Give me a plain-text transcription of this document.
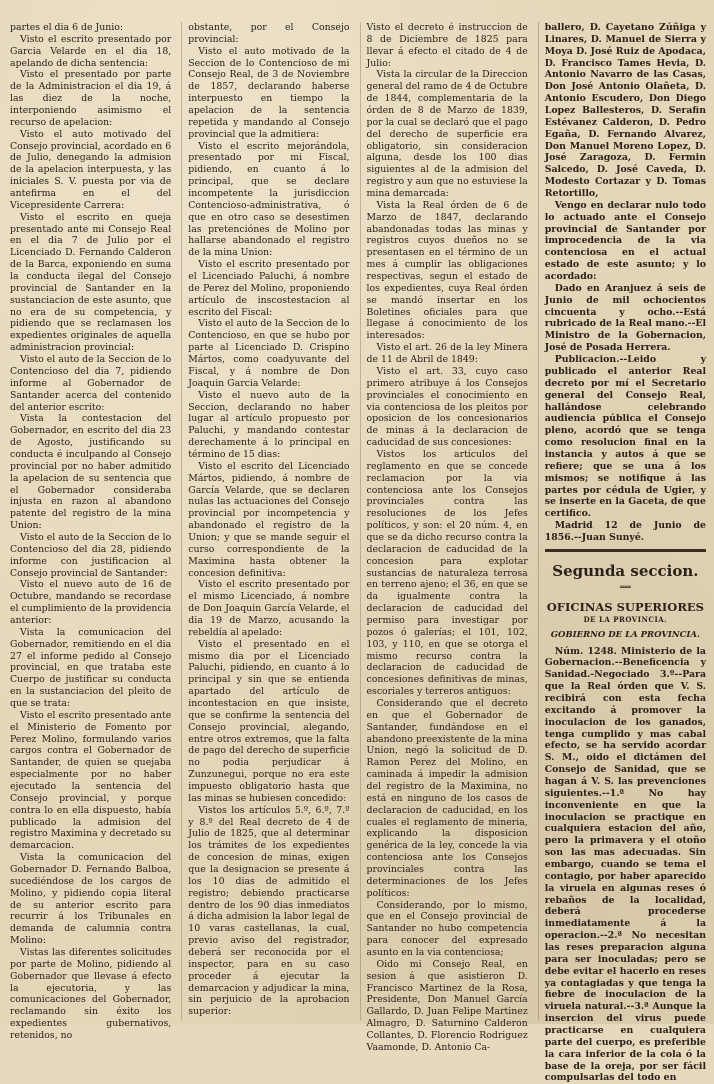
partes el dia 6 de Junio:

Visto el escrito presentado por Garcia Velarde en el dia 18, apelando de dicha sentencia:

Visto el presentado por parte de la Administracion el dia 19, á las diez de la noche, interponiendo asimismo el recurso de apelacion:

Visto el auto motivado del Consejo provincial, acordado en 6 de Julio, denegando la admision de la apelacion interpuesta, y las iniciales S. V. puesta por via de antefirma en el del Vicepresidente Carrera:

Visto el escrito en queja presentado ante mi Consejo Real en el dia 7 de Julio por el Licenciado D. Fernando Calderon de la Barca, exponiendo en suma la conducta ilegal del Consejo provincial de Santander en la sustanciacion de este asunto, que no era de su competencia, y pidiendo que se reclamasen los expedientes originales de aquella administracion provincial:

Visto el auto de la Seccion de lo Contencioso del dia 7, pidiendo informe al Gobernador de Santander acerca del contenido del anterior escrito:

Vista la contestacion del Gobernador, en escrito del dia 23 de Agosto, justificando su conducta é inculpando al Consejo provincial por no haber admitido la apelacion de su sentencia que el Gobernador consideraba injusta en razon al abandono patente del registro de la mina Union:

Visto el auto de la Seccion de lo Contencioso del dia 28, pidiendo informe con justificacion al Consejo provincial de Santander:

Visto el nuevo auto de 16 de Octubre, mandando se recordase el cumplimiento de la providencia anterior:

Vista la comunicacion del Gobernador, remitiendo en el dia 27 el informe pedido al Consejo provincial, en que trataba este Cuerpo de justificar su conducta en la sustanciacion del pleito de que se trata:

Visto el escrito presentado ante el Ministerio de Fomento por Perez Molino, formulando varios cargos contra el Gobernador de Santander, de quien se quejaba especialmente por no haber ejecutado la sentencia del Consejo provincial, y porque contra lo en ella dispuesto, había publicado la admision del registro Maximina y decretado su demarcacion.

Vista la comunicacion del Gobernador D. Fernando Balboa, sucediéndose de los cargos de Molino, y pidiendo copia literal de su anterior escrito para recurrir á los Tribunales en demanda de calumnia contra Molino:

Vistas las diferentes solicitudes por parte de Molino, pidiendo al Gobernador que llevase á efecto la ejecutoria, y las comunicaciones del Gobernador, reclamando sin éxito los expedientes gubernativos, retenidos, no

obstante, por el Consejo provincial:

Visto el auto motivado de la Seccion de lo Contencioso de mi Consejo Real, de 3 de Noviembre de 1857, declarando haberse interpuesto en tiempo la apelacion de la sentencia repetida y mandando al Consejo provincial que la admitiera:

Visto el escrito mejorándola, presentado por mi Fiscal, pidiendo, en cuanto á lo principal, que se declare incompetente la jurisdiccion Contencioso-administrativa, ó que en otro caso se desestimen las pretenciónes de Molino por hallarse abandonado el registro de la mina Union:

Visto el escrito presentado por el Licenciado Paluchi, á nombre de Perez del Molino, proponiendo artículo de inscostestacion al escrito del Fiscal:

Visto el auto de la Seccion de lo Contencioso, en que se hubo por parte al Licenciado D. Crispino Mártos, como coadyuvante del Fiscal, y á nombre de Don Joaquin Garcia Velarde:

Visto el nuevo auto de la Seccion, declarando no haber lugar al artículo propuesto por Paluchi, y mandando contestar derechamente á lo principal en término de 15 dias:

Visto el escrito del Licenciado Mártos, pidiendo, á nombre de García Velarde, que se declaren nulas las actuaciones del Consejo provincial por incompetencia y abandonado el registro de la Union; y que se mande seguir el curso correspondiente de la Maximina hasta obtener la concesion definitiva:

Visto el escrito presentado por el mismo Licenciado, á nombre de Don Joaquin García Velarde, el dia 19 de Marzo, acusando la rebeldía al apelado:

Visto el presentado en el mismo dia por el Licenciado Paluchi, pidiendo, en cuanto á lo principal y sin que se entienda apartado del artículo de incontestacion en que insiste, que se confirme la sentencia del Consejo provincial, alegando, entre otros extremos, que la falta de pago del derecho de superficie no podia perjudicar á Zunzunegui, porque no era este impuesto obligatorio hasta que las minas se hubiesen concedido:

Vistos los artículos 5.º, 6.º, 7.º y 8.º del Real decreto de 4 de Julio de 1825, que al determinar los trámites de los expedientes de concesion de minas, exigen que la designacion se presente á los 10 dias de admitido el registro; debiendo practicarse dentro de los 90 dias inmediatos á dicha admision la labor legal de 10 varas castellanas, la cual, previo aviso del registrador, deberá ser reconocida por el inspector, para en su caso proceder á ejecutar la demarcacion y adjudicar la mina, sin perjuicio de la aprobacion superior:

Visto el decreto é instruccion de 8 de Diciembre de 1825 para llevar á efecto el citado de 4 de Julio:

Vista la circular de la Direccion general del ramo de 4 de Octubre de 1844, complementaria de la órden de 8 de Marzo de 1839, por la cual se declaró que el pago del derecho de superficie era obligatorio, sin consideracion alguna, desde los 100 dias siguientes al de la admision del registro y aun que no estuviese la mina demarcada:

Vista la Real órden de 6 de Marzo de 1847, declarando abandonadas todas las minas y registros cuyos dueños no se presentasen en el término de un mes á cumplir las obligaciones respectivas, segun el estado de los expedientes, cuya Real órden se mandó insertar en los Boletines oficiales para que llegase á conocimiento de los interesados:

Visto el art. 26 de la ley Minera de 11 de Abril de 1849:

Visto el art. 33, cuyo caso primero atribuye á los Consejos provinciales el conocimiento en via contenciosa de los pleitos por oposicion de los concesionarios de minas á la declaracion de caducidad de sus concesiones:

Vistos los artículos del reglamento en que se concede reclamacion por la via contenciosa ante los Consejos provinciales contra las resoluciones de los Jefes políticos, y son: el 20 núm. 4, en que se da dicho recurso contra la declaracion de caducidad de la concesion para explotar sustancias de naturaleza terrosa en terreno ajeno; el 36, en que se da igualmente contra la declaracion de caducidad del permiso para investigar por pozos ó galerías; el 101, 102, 103, y 110, en que se otorga el mismo recurso contra la declaracion de caducidad de concesiones definitivas de minas, escoriales y terreros antiguos:

Considerando que el decreto en que el Gobernador de Santander, fundándose en el abandono preexistente de la mina Union, negó la solicitud de D. Ramon Perez del Molino, en caminada á impedir la admision del registro de la Maximina, no está en ninguno de los casos de declaracion de caducidad, en los cuales el reglamento de mineria, explicando la disposicion genérica de la ley, concede la via contenciosa ante los Consejos provinciales contra las determinaciones de los Jefes políticos:

Considerando, por lo mismo, que en el Consejo provincial de Santander no hubo competencia para conocer del expresado asunto en la via contenciosa;

Oido mi Consejo Real, en sesion á que asistieron D. Francisco Martinez de la Rosa, Presidente, Don Manuel García Gallardo, D. Juan Felipe Martinez Almagro, D. Saturnino Calderon Collantes, D. Florencio Rodriguez Vaamonde, D. Antonio Ca-

ballero, D. Cayetano Zúñiga y Linares, D. Manuel de Sierra y Moya D. José Ruiz de Apodaca, D. Francisco Tames Hevia, D. Antonio Navarro de las Casas, Don José Antonio Olañeta, D. Antonio Escudero, Don Diego Lopez Ballesteros, D. Serafin Estévanez Calderon, D. Pedro Egaña, D. Fernando Alvarez, Don Manuel Moreno Lopez, D. José Zaragoza, D. Fermin Salcedo, D. José Caveda, D. Modesto Cortazar y D. Tomas Retortillo,

Vengo en declarar nulo todo lo actuado ante el Consejo provincial de Santander por improcedencia de la via contenciosa en el actual estado de este asunto; y lo acordado:

Dado en Aranjuez á seis de Junio de mil ochocientos cincuenta y ocho.--Está rubricado de la Real mano.--El Ministro de la Gobernacion, José de Posada Herrera.

Publicacion.--Leido y publicado el anterior Real decreto por mí el Secretario general del Consejo Real, hallándose celebrando audiencia pública el Consejo pleno, acordó que se tenga como resolucion final en la instancia y autos á que se refiere; que se una á los mismos; se notifique á las partes por cédula de Ugier, y se inserte en la Gaceta, de que certifico.

Madrid 12 de Junio de 1856.--Juan Sunyé.

Segunda seccion.
══
OFICINAS SUPERIORES
DE LA PROVINCIA.
GOBIERNO DE LA PROVINCIA.

Núm. 1248. Ministerio de la Gobernacion.--Beneficencia y Sanidad.-Negociado 3.º--Para que la Real órden que V. S. recibirá con esta fecha excitando á promover la inoculacion de los ganados, tenga cumplido y mas cabal efecto, se ha servido acordar S. M., oido el dictámen del Consejo de Sanidad, que se hagan á V. S. las prevenciones siguientes.--1.ª No hay inconveniente en que la inoculacion se practique en cualquiera estacion del año, pero la primavera y el otoño son las mas adecuadas. Sin embargo, cuando se tema el contagio, por haber aparecido la viruela en algunas reses ó rebaños de la localidad, deberá procederse inmediatamente á la operacion.--2.ª No necesitan las reses preparacion alguna para ser inoculadas; pero se debe evitar el hacerlo en reses ya contagiadas y que tenga la fiebre de inoculacion de la viruela natural.--3.ª Aunque la insercion del virus puede practicarse en cualquiera parte del cuerpo, es preferible la cara inferior de la cola ó la base de la oreja, por ser fácil compulsarlas del todo en
